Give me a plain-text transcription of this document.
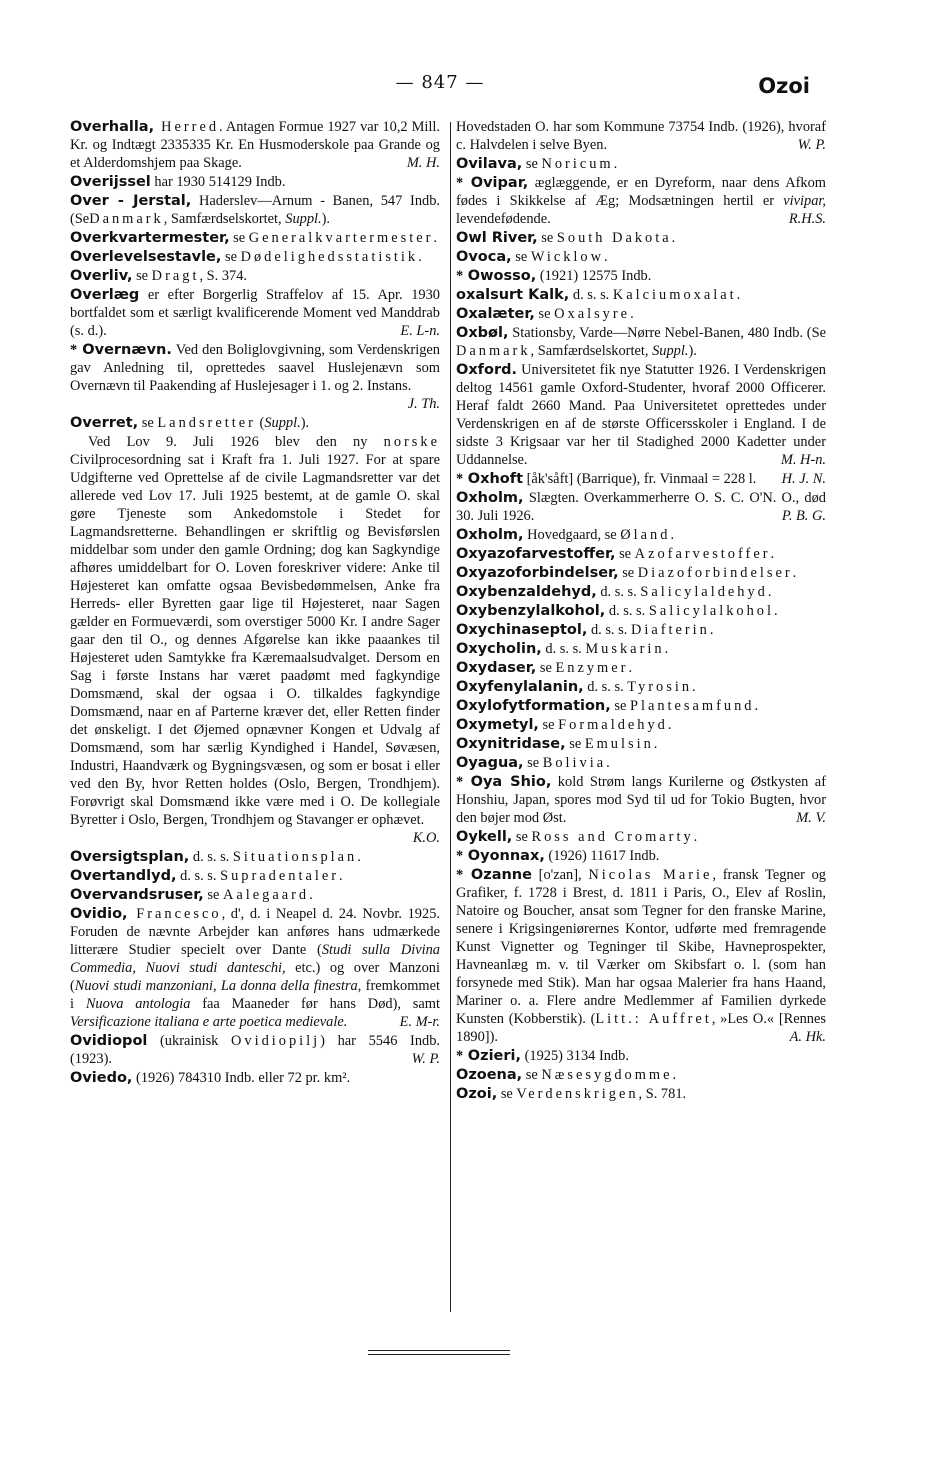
— 847 —	Ozoi
Overhalla, Herred. Antagen Formue 1927 var 10,2 Mill. Kr. og Indtægt 2335335 Kr. En Husmoderskole paa Grande og et Alderdomshjem paa Skage.	M. H.
Overijssel har 1930 514129 Indb.
Over - Jerstal, Haderslev—Arnum - Banen, 547 Indb. (SeDanmark, Samfærdselskortet, Suppl.).
Overkvartermester, se Generalkvartermester.
Overlevelsestavle, se Dødelighedsstatistik.
Overliv, se Dragt, S. 374.
Overlæg er efter Borgerlig Straffelov af 15. Apr. 1930 bortfaldet som et særligt kvalificerende Moment ved Manddrab (s. d.).	E. L-n.
* Overnævn. Ved den Boliglovgivning, som Verdenskrigen gav Anledning til, oprettedes saavel Huslejenævn som Overnævn til Paakending af Huslejesager i 1. og 2. Instans.
J. Th.
Overret, se Landsretter (Suppl.).
Ved Lov 9. Juli 1926 blev den ny norske Civilprocesordning sat i Kraft fra 1. Juli 1927. For at spare Udgifterne ved Oprettelse af de civile Lagmandsretter var det allerede ved Lov 17. Juli 1925 bestemt, at de gamle O. skal gøre Tjeneste som Ankedomstole i Stedet for Lagmandsretterne. Behandlingen er skriftlig og Bevisførslen middelbar som under den gamle Ordning; dog kan Sagkyndige afhøres umiddelbart for O. Loven foreskriver videre: Anke til Højesteret kan omfatte ogsaa Bevisbedømmelsen, Anke fra Herreds- eller Byretten gaar lige til Højesteret, naar Sagen gælder en Formueværdi, som overstiger 5000 Kr. I andre Sager gaar den til O., og dennes Afgørelse kan ikke paaankes til Højesteret uden Samtykke fra Kæremaalsudvalget. Dersom en Sag i første Instans har været paadømt med fagkyndige Domsmænd, skal der ogsaa i O. tilkaldes fagkyndige Domsmænd, naar en af Parterne kræver det, eller Retten finder det ønskeligt. I det Øjemed opnævner Kongen et Udvalg af Domsmænd, som har særlig Kyndighed i Handel, Søvæsen, Industri, Haandværk og Bygningsvæsen, og som er bosat i eller ved den By, hvor Retten holdes (Oslo, Bergen, Trondhjem). Forøvrigt skal Domsmænd ikke være med i O. De kollegiale Byretter i Oslo, Bergen, Trondhjem og Stavanger er ophævet.
K.O.
Oversigtsplan, d. s. s. Situationsplan.
Overtandlyd, d. s. s. Supradentaler.
Overvandsruser, se Aalegaard.
Ovidio, Francesco, d', d. i Neapel d. 24. Novbr. 1925. Foruden de nævnte Arbejder kan anføres hans udmærkede litterære Studier specielt over Dante (Studi sulla Divina Commedia, Nuovi studi danteschi, etc.) og over Manzoni (Nuovi studi manzoniani, La donna della finestra, fremkommet i Nuova antologia faa Maaneder før hans Død), samt Versificazione italiana e arte poetica medievale.	E. M-r.
Ovidiopol (ukrainisk Ovidiopilj) har 5546 Indb. (1923).	W. P.
Oviedo, (1926) 784310 Indb. eller 72 pr. km².
Hovedstaden O. har som Kommune 73754 Indb. (1926), hvoraf c. Halvdelen i selve Byen.	W. P.
Ovilava, se Noricum.
* Ovipar, æglæggende, er en Dyreform, naar dens Afkom fødes i Skikkelse af Æg; Modsætningen hertil er vivipar, levendefødende.	R.H.S.
Owl River, se South Dakota.
Ovoca, se Wicklow.
* Owosso, (1921) 12575 Indb.
oxalsurt Kalk, d. s. s. Kalciumoxalat.
Oxalæter, se Oxalsyre.
Oxbøl, Stationsby, Varde—Nørre Nebel-Banen, 480 Indb. (Se Danmark, Samfærdselskortet, Suppl.).
Oxford. Universitetet fik nye Statutter 1926. I Verdenskrigen deltog 14561 gamle Oxford-Studenter, hvoraf 2000 Officerer. Heraf faldt 2660 Mand. Paa Universitetet oprettedes under Verdenskrigen en af de største Officersskoler i England. I de sidste 3 Krigsaar var her til Stadighed 2000 Kadetter under Uddannelse.	M. H-n.
* Oxhoft [åk'såft] (Barrique), fr. Vinmaal = 228 l. H. J. N.
Oxholm, Slægten. Overkammerherre O. S. C. O'N. O., død 30. Juli 1926.	P. B. G.
Oxholm, Hovedgaard, se Øland.
Oxyazofarvestoffer, se Azofarvestoffer.
Oxyazoforbindelser, se Diazoforbindelser.
Oxybenzaldehyd, d. s. s. Salicylaldehyd.
Oxybenzylalkohol, d. s. s. Salicylalkohol.
Oxychinaseptol, d. s. s. Diafterin.
Oxycholin, d. s. s. Muskarin.
Oxydaser, se Enzymer.
Oxyfenylalanin, d. s. s. Tyrosin.
Oxylofytformation, se Plantesamfund.
Oxymetyl, se Formaldehyd.
Oxynitridase, se Emulsin.
Oyagua, se Bolivia.
* Oya Shio, kold Strøm langs Kurilerne og Østkysten af Honshiu, Japan, spores mod Syd til ud for Tokio Bugten, hvor den bøjer mod Øst.	M. V.
Oykell, se Ross and Cromarty.
* Oyonnax, (1926) 11617 Indb.
* Ozanne [o'zan], Nicolas Marie, fransk Tegner og Grafiker, f. 1728 i Brest, d. 1811 i Paris, O., Elev af Roslin, Natoire og Boucher, ansat som Tegner for den franske Marine, senere i Krigsingeniørernes Kontor, udførte med fremragende Kunst Vignetter og Tegninger til Skibe, Havneprospekter, Havneanlæg m. v. til Værker om Skibsfart o. l. (som han forsynede med Stik). Man har ogsaa Malerier fra hans Haand, Mariner o. a. Flere andre Medlemmer af Familien dyrkede Kunsten (Kobberstik). (Litt.: Auffret, »Les O.« [Rennes 1890]).	A. Hk.
* Ozieri, (1925) 3134 Indb.
Ozoena, se Næsesygdomme.
Ozoi, se Verdenskrigen, S. 781.
